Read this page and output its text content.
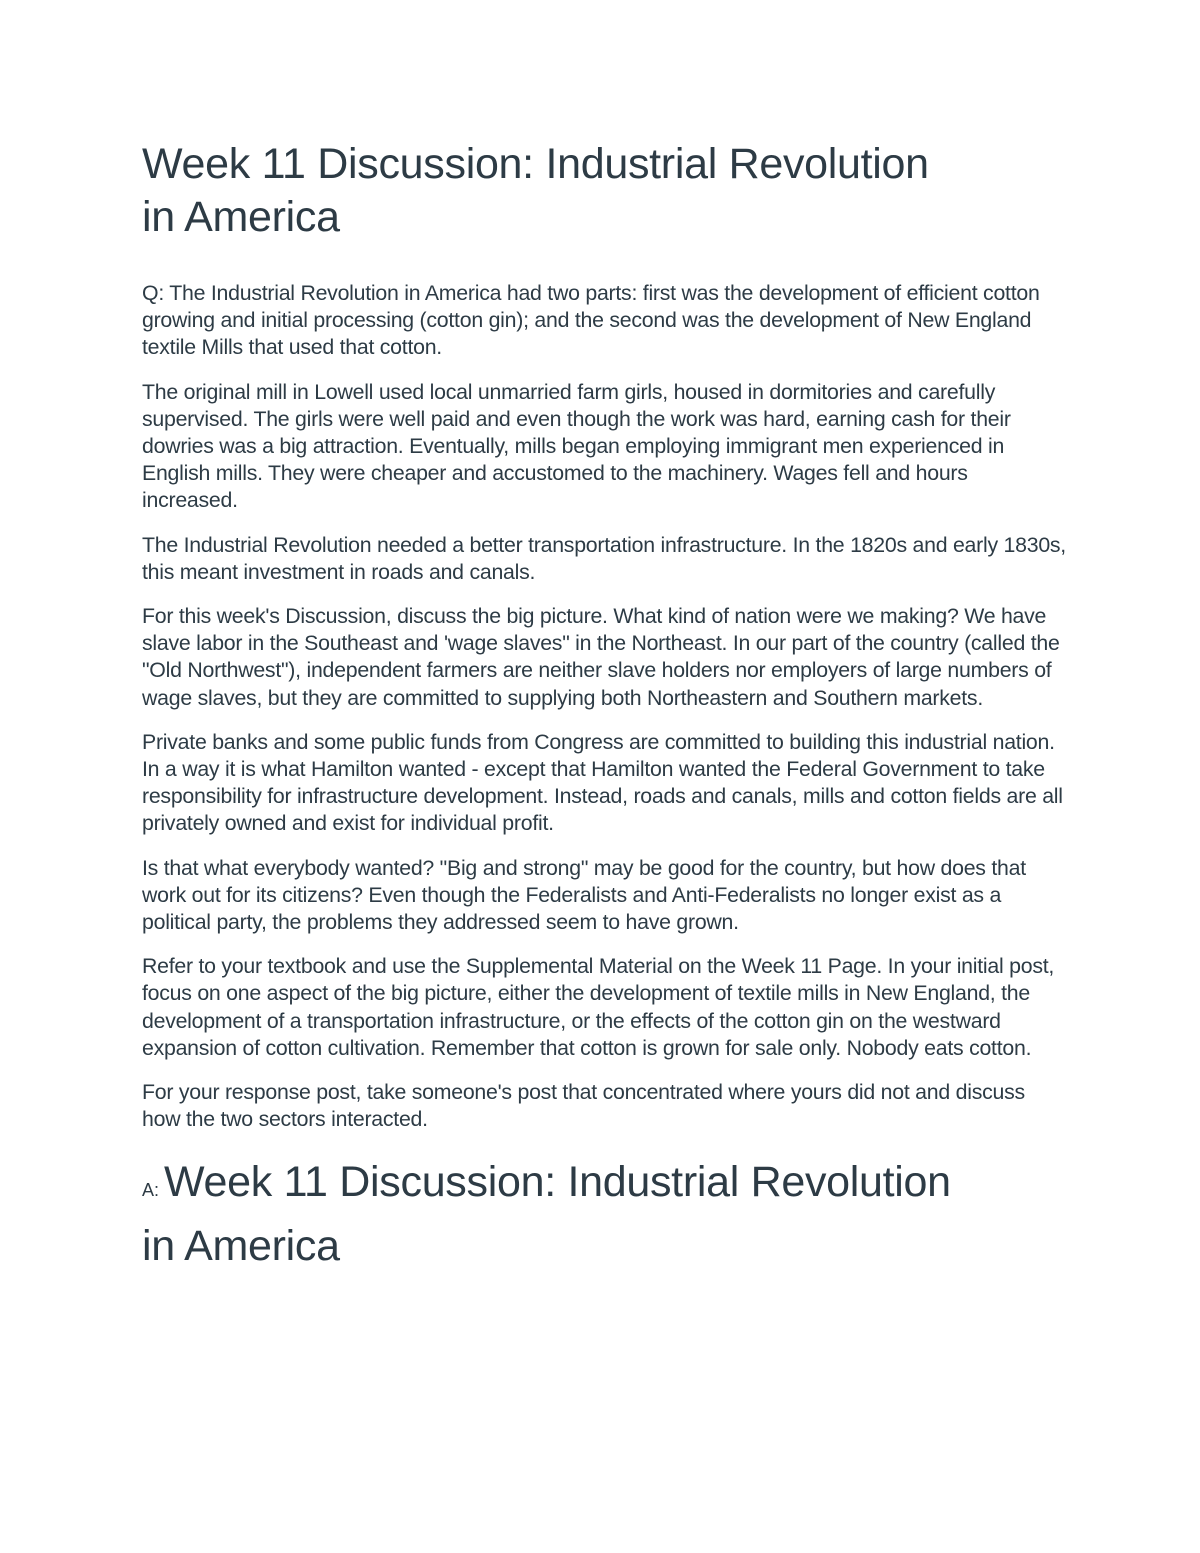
Week 11 Discussion: Industrial Revolution
in America

Q: The Industrial Revolution in America had two parts: first was the development of efficient cotton growing and initial processing (cotton gin); and the second was the development of New England textile Mills that used that cotton.

The original mill in Lowell used local unmarried farm girls, housed in dormitories and carefully supervised. The girls were well paid and even though the work was hard, earning cash for their dowries was a big attraction. Eventually, mills began employing immigrant men experienced in English mills. They were cheaper and accustomed to the machinery. Wages fell and hours increased.

The Industrial Revolution needed a better transportation infrastructure. In the 1820s and early 1830s, this meant investment in roads and canals.

For this week's Discussion, discuss the big picture. What kind of nation were we making? We have slave labor in the Southeast and 'wage slaves" in the Northeast. In our part of the country (called the "Old Northwest"), independent farmers are neither slave holders nor employers of large numbers of wage slaves, but they are committed to supplying both Northeastern and Southern markets.

Private banks and some public funds from Congress are committed to building this industrial nation. In a way it is what Hamilton wanted - except that Hamilton wanted the Federal Government to take responsibility for infrastructure development. Instead, roads and canals, mills and cotton fields are all privately owned and exist for individual profit.

Is that what everybody wanted? "Big and strong" may be good for the country, but how does that work out for its citizens? Even though the Federalists and Anti-Federalists no longer exist as a political party, the problems they addressed seem to have grown.

Refer to your textbook and use the Supplemental Material on the Week 11 Page. In your initial post, focus on one aspect of the big picture, either the development of textile mills in New England, the development of a transportation infrastructure, or the effects of the cotton gin on the westward expansion of cotton cultivation. Remember that cotton is grown for sale only. Nobody eats cotton.

For your response post, take someone's post that concentrated where yours did not and discuss how the two sectors interacted.

A: Week 11 Discussion: Industrial Revolution

in America
